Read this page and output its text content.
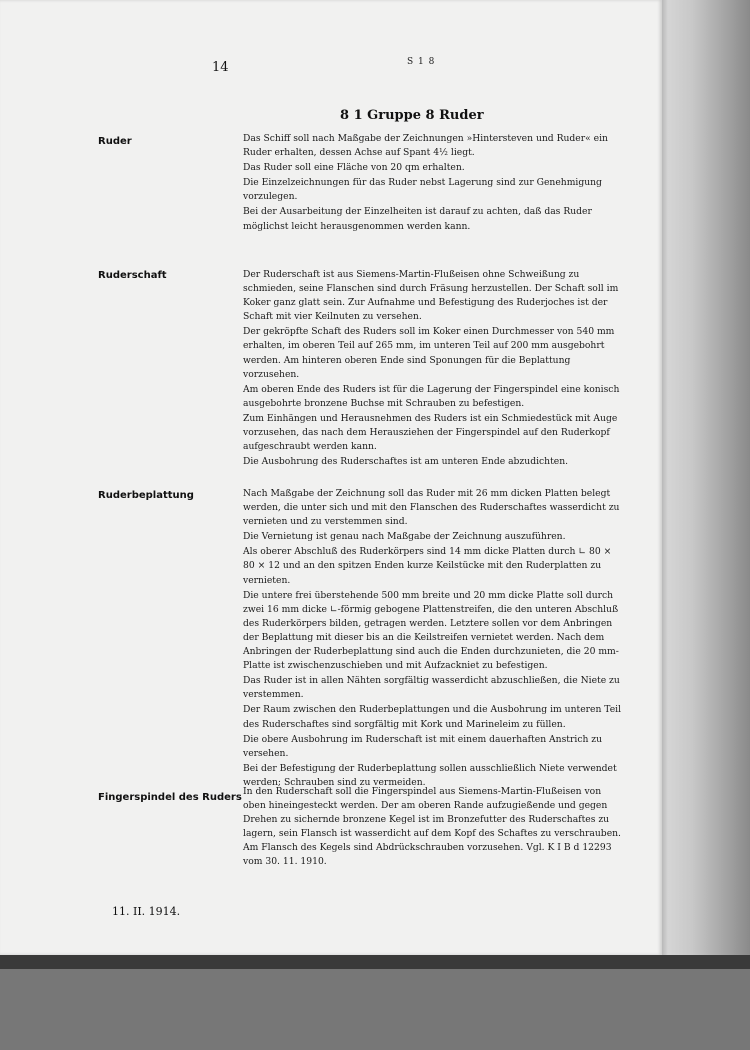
14	S 1 8
8 1 Gruppe 8 Ruder
Ruder	Das Schiff soll nach Maßgabe der Zeichnungen »Hintersteven und Ruder« ein Ruder erhalten, dessen Achse auf Spant 4½ liegt.

Das Ruder soll eine Fläche von 20 qm erhalten.

Die Einzelzeichnungen für das Ruder nebst Lagerung sind zur Genehmigung vorzulegen.

Bei der Ausarbeitung der Einzelheiten ist darauf zu achten, daß das Ruder möglichst leicht herausgenommen werden kann.

Ruderschaft	Der Ruderschaft ist aus Siemens-Martin-Flußeisen ohne Schweißung zu schmieden, seine Flanschen sind durch Fräsung herzustellen. Der Schaft soll im Koker ganz glatt sein. Zur Aufnahme und Befestigung des Ruderjoches ist der Schaft mit vier Keilnuten zu versehen.

Der gekröpfte Schaft des Ruders soll im Koker einen Durchmesser von 540 mm erhalten, im oberen Teil auf 265 mm, im unteren Teil auf 200 mm ausgebohrt werden. Am hinteren oberen Ende sind Sponungen für die Beplattung vorzusehen.

Am oberen Ende des Ruders ist für die Lagerung der Fingerspindel eine konisch ausgebohrte bronzene Buchse mit Schrauben zu befestigen.

Zum Einhängen und Herausnehmen des Ruders ist ein Schmiedestück mit Auge vorzusehen, das nach dem Herausziehen der Fingerspindel auf den Ruderkopf aufgeschraubt werden kann.

Die Ausbohrung des Ruderschaftes ist am unteren Ende abzudichten.

Ruderbeplattung	Nach Maßgabe der Zeichnung soll das Ruder mit 26 mm dicken Platten belegt werden, die unter sich und mit den Flanschen des Ruderschaftes wasserdicht zu vernieten und zu verstemmen sind.

Die Vernietung ist genau nach Maßgabe der Zeichnung auszuführen.

Als oberer Abschluß des Ruderkörpers sind 14 mm dicke Platten durch ∟ 80 × 80 × 12 und an den spitzen Enden kurze Keilstücke mit den Ruderplatten zu vernieten.

Die untere frei überstehende 500 mm breite und 20 mm dicke Platte soll durch zwei 16 mm dicke ∟-förmig gebogene Plattenstreifen, die den unteren Abschluß des Ruderkörpers bilden, getragen werden. Letztere sollen vor dem Anbringen der Beplattung mit dieser bis an die Keilstreifen vernietet werden. Nach dem Anbringen der Ruderbeplattung sind auch die Enden durchzunieten, die 20 mm-Platte ist zwischenzuschieben und mit Aufzackniet zu befestigen.

Das Ruder ist in allen Nähten sorgfältig wasserdicht abzuschließen, die Niete zu verstemmen.

Der Raum zwischen den Ruderbeplattungen und die Ausbohrung im unteren Teil des Ruderschaftes sind sorgfältig mit Kork und Marineleim zu füllen.

Die obere Ausbohrung im Ruderschaft ist mit einem dauerhaften Anstrich zu versehen.

Bei der Befestigung der Ruderbeplattung sollen ausschließlich Niete verwendet werden; Schrauben sind zu vermeiden.

Fingerspindel des Ruders

In den Ruderschaft soll die Fingerspindel aus Siemens-Martin-Flußeisen von oben hineingesteckt werden. Der am oberen Rande aufzugießende und gegen Drehen zu sichernde bronzene Kegel ist im Bronzefutter des Ruderschaftes zu lagern, sein Flansch ist wasserdicht auf dem Kopf des Schaftes zu verschrauben. Am Flansch des Kegels sind Abdrückschrauben vorzusehen. Vgl. K I B d 12293 vom 30. 11. 1910.

11. II. 1914.
